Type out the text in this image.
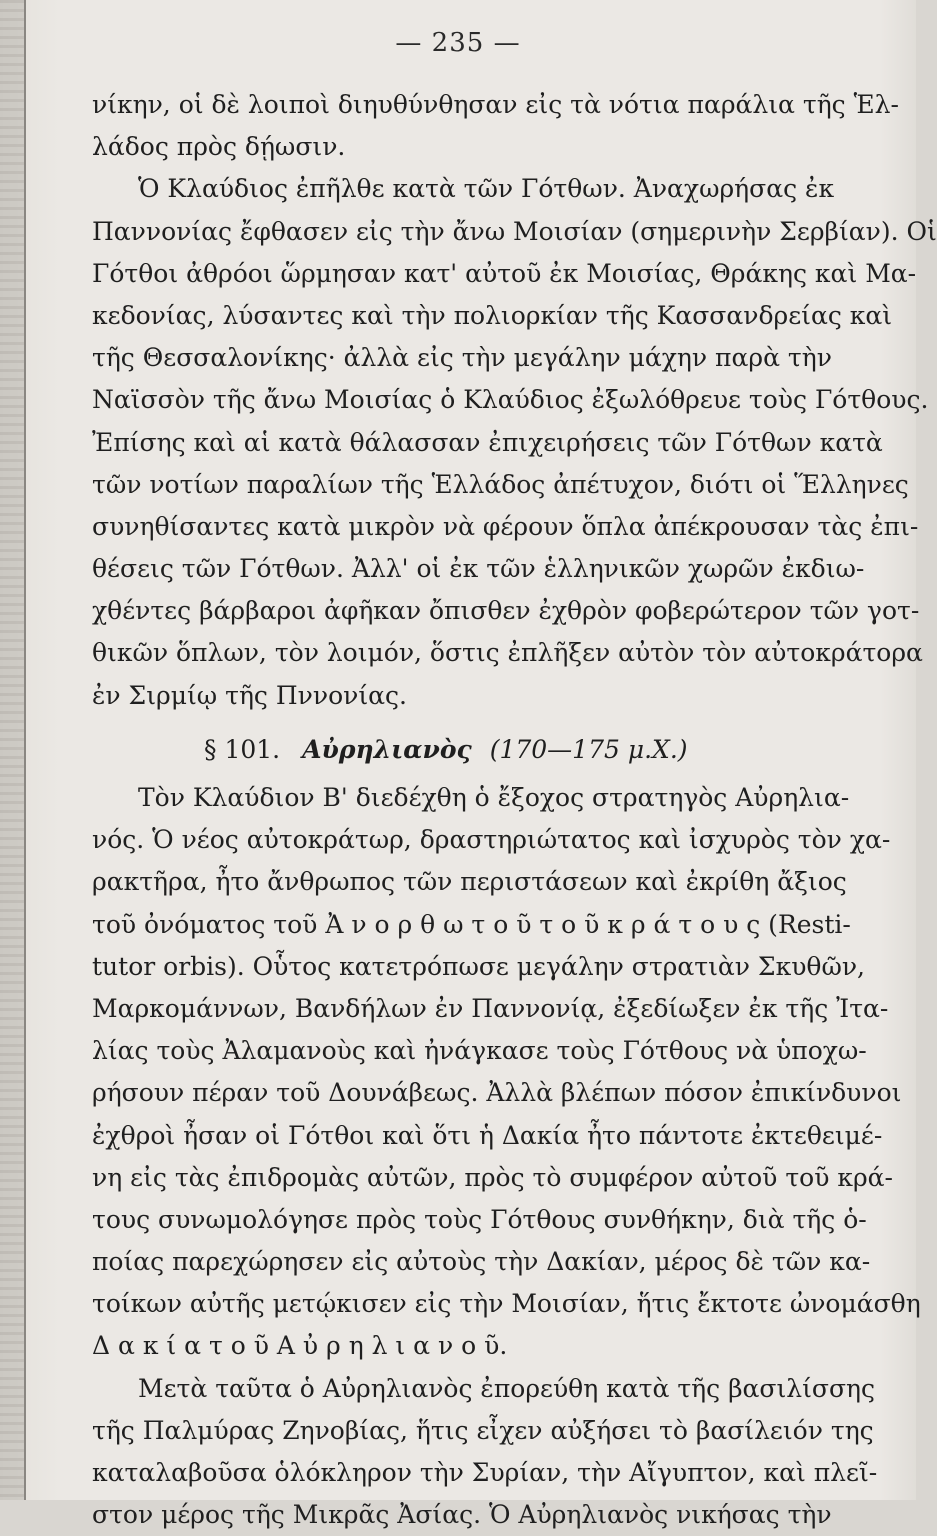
— 235 —
νίκην, οἱ δὲ λοιποὶ διηυθύνθησαν εἰς τὰ νότια παράλια τῆς Ἑλ-
λάδος πρὸς δῄωσιν.
Ὁ Κλαύδιος ἐπῆλθε κατὰ τῶν Γότθων. Ἀναχωρήσας ἐκ
Παννονίας ἔφθασεν εἰς τὴν ἄνω Μοισίαν (σημερινὴν Σερβίαν). Οἱ
Γότθοι ἀθρόοι ὥρμησαν κατ' αὐτοῦ ἐκ Μοισίας, Θράκης καὶ Μα-
κεδονίας, λύσαντες καὶ τὴν πολιορκίαν τῆς Κασσανδρείας καὶ
τῆς Θεσσαλονίκης· ἀλλὰ εἰς τὴν μεγάλην μάχην παρὰ τὴν
Ναϊσσὸν τῆς ἄνω Μοισίας ὁ Κλαύδιος ἐξωλόθρευε τοὺς Γότθους.
Ἐπίσης καὶ αἱ κατὰ θάλασσαν ἐπιχειρήσεις τῶν Γότθων κατὰ
τῶν νοτίων παραλίων τῆς Ἑλλάδος ἀπέτυχον, διότι οἱ Ἕλληνες
συνηθίσαντες κατὰ μικρὸν νὰ φέρουν ὅπλα ἀπέκρουσαν τὰς ἐπι-
θέσεις τῶν Γότθων. Ἀλλ' οἱ ἐκ τῶν ἑλληνικῶν χωρῶν ἐκδιω-
χθέντες βάρβαροι ἀφῆκαν ὄπισθεν ἐχθρὸν φοβερώτερον τῶν γοτ-
θικῶν ὅπλων, τὸν λοιμόν, ὅστις ἐπλῆξεν αὐτὸν τὸν αὐτοκράτορα
ἐν Σιρμίῳ τῆς Πννονίας.
§ 101. Αὐρηλιανὸς (170—175 μ.Χ.)
Τὸν Κλαύδιον Β' διεδέχθη ὁ ἔξοχος στρατηγὸς Αὐρηλια-
νός. Ὁ νέος αὐτοκράτωρ, δραστηριώτατος καὶ ἰσχυρὸς τὸν χα-
ρακτῆρα, ἦτο ἄνθρωπος τῶν περιστάσεων καὶ ἐκρίθη ἄξιος
τοῦ ὀνόματος τοῦ Ἀ ν ο ρ θ ω τ ο ῦ τ ο ῦ κ ρ ά τ ο υ ς (Resti-
tutor orbis). Οὗτος κατετρόπωσε μεγάλην στρατιὰν Σκυθῶν,
Μαρκομάννων, Βανδήλων ἐν Παννονίᾳ, ἐξεδίωξεν ἐκ τῆς Ἰτα-
λίας τοὺς Ἀλαμανοὺς καὶ ἠνάγκασε τοὺς Γότθους νὰ ὑποχω-
ρήσουν πέραν τοῦ Δουνάβεως. Ἀλλὰ βλέπων πόσον ἐπικίνδυνοι
ἐχθροὶ ἦσαν οἱ Γότθοι καὶ ὅτι ἡ Δακία ἦτο πάντοτε ἐκτεθειμέ-
νη εἰς τὰς ἐπιδρομὰς αὐτῶν, πρὸς τὸ συμφέρον αὐτοῦ τοῦ κρά-
τους συνωμολόγησε πρὸς τοὺς Γότθους συνθήκην, διὰ τῆς ὁ-
ποίας παρεχώρησεν εἰς αὐτοὺς τὴν Δακίαν, μέρος δὲ τῶν κα-
τοίκων αὐτῆς μετῴκισεν εἰς τὴν Μοισίαν, ἥτις ἔκτοτε ὠνομάσθη
Δ α κ ί α τ ο ῦ Α ὐ ρ η λ ι α ν ο ῦ.
Μετὰ ταῦτα ὁ Αὐρηλιανὸς ἐπορεύθη κατὰ τῆς βασιλίσσης
τῆς Παλμύρας Ζηνοβίας, ἥτις εἶχεν αὐξήσει τὸ βασίλειόν της
καταλαβοῦσα ὁλόκληρον τὴν Συρίαν, τὴν Αἴγυπτον, καὶ πλεῖ-
στον μέρος τῆς Μικρᾶς Ἀσίας. Ὁ Αὐρηλιανὸς νικήσας τὴν
